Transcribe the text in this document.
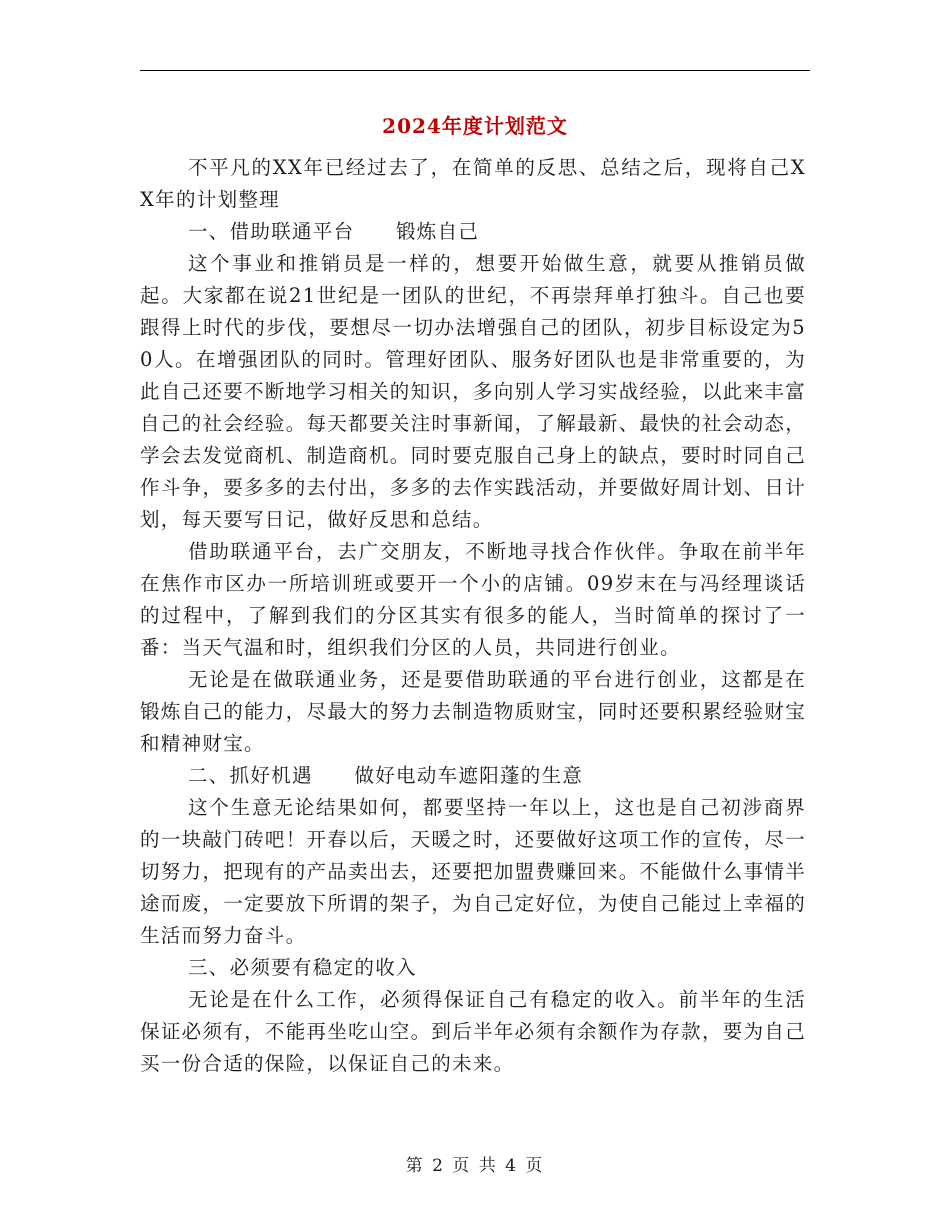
2024年度计划范文

不平凡的XX年已经过去了，在简单的反思、总结之后，现将自己XX年的计划整理

一、借助联通平台　　锻炼自己

这个事业和推销员是一样的，想要开始做生意，就要从推销员做起。大家都在说21世纪是一团队的世纪，不再崇拜单打独斗。自己也要跟得上时代的步伐，要想尽一切办法增强自己的团队，初步目标设定为50人。在增强团队的同时。管理好团队、服务好团队也是非常重要的，为此自己还要不断地学习相关的知识，多向别人学习实战经验，以此来丰富自己的社会经验。每天都要关注时事新闻，了解最新、最快的社会动态，学会去发觉商机、制造商机。同时要克服自己身上的缺点，要时时同自己作斗争，要多多的去付出，多多的去作实践活动，并要做好周计划、日计划，每天要写日记，做好反思和总结。

借助联通平台，去广交朋友，不断地寻找合作伙伴。争取在前半年在焦作市区办一所培训班或要开一个小的店铺。09岁末在与冯经理谈话的过程中，了解到我们的分区其实有很多的能人，当时简单的探讨了一番：当天气温和时，组织我们分区的人员，共同进行创业。

无论是在做联通业务，还是要借助联通的平台进行创业，这都是在锻炼自己的能力，尽最大的努力去制造物质财宝，同时还要积累经验财宝和精神财宝。

二、抓好机遇　　做好电动车遮阳蓬的生意

这个生意无论结果如何，都要坚持一年以上，这也是自己初涉商界的一块敲门砖吧！开春以后，天暖之时，还要做好这项工作的宣传，尽一切努力，把现有的产品卖出去，还要把加盟费赚回来。不能做什么事情半途而废，一定要放下所谓的架子，为自己定好位，为使自己能过上幸福的生活而努力奋斗。

三、必须要有稳定的收入

无论是在什么工作，必须得保证自己有稳定的收入。前半年的生活保证必须有，不能再坐吃山空。到后半年必须有余额作为存款，要为自己买一份合适的保险，以保证自己的未来。

第 2 页 共 4 页
